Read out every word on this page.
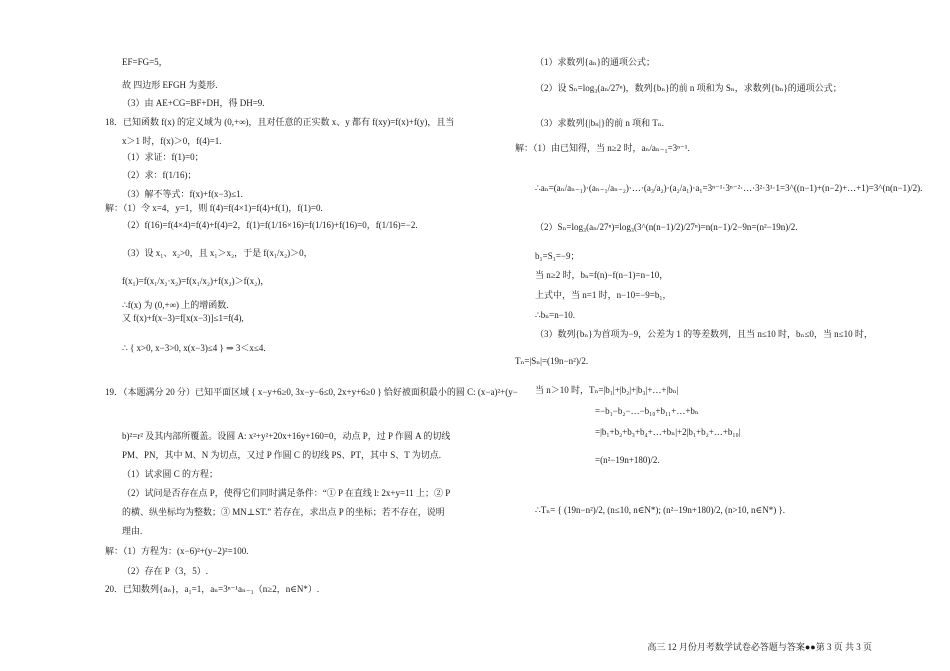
EF=FG=5，
故 四边形 EFGH 为菱形.
（3）由 AE+CG=BF+DH，得 DH=9.
18．已知函数 f(x) 的定义域为 (0,+∞)，且对任意的正实数 x、y 都有 f(xy)=f(x)+f(y)，且当
x＞1 时，f(x)＞0，f(4)=1.
（1）求证：f(1)=0；
（2）求：f(1/16)；
（3）解不等式：f(x)+f(x−3)≤1.
解：（1）令 x=4，y=1，则 f(4)=f(4×1)=f(4)+f(1)，f(1)=0.
（2）f(16)=f(4×4)=f(4)+f(4)=2，f(1)=f(1/16×16)=f(1/16)+f(16)=0，f(1/16)=−2.
（3）设 x₁、x₂>0，且 x₁＞x₂，于是 f(x₁/x₂)＞0，
f(x₁)=f(x₁/x₂·x₂)=f(x₁/x₂)+f(x₂)＞f(x₂)，
∴f(x) 为 (0,+∞) 上的增函数.
又 f(x)+f(x−3)=f[x(x−3)]≤1=f(4),
∴ { x>0, x−3>0, x(x−3)≤4 } ⇒ 3＜x≤4.
19．（本题满分 20 分）已知平面区域 { x−y+6≥0, 3x−y−6≤0, 2x+y+6≥0 } 恰好被面积最小的圆 C: (x−a)²+(y−
b)²=r² 及其内部所覆盖。设圆 A: x²+y²+20x+16y+160=0，动点 P，过 P 作圆 A 的切线
PM、PN，其中 M、N 为切点，又过 P 作圆 C 的切线 PS、PT，其中 S、T 为切点.
（1）试求圆 C 的方程；
（2）试问是否存在点 P，使得它们同时满足条件：“① P 在直线 l: 2x+y=11 上；② P
的横、纵坐标均为整数；③ MN⊥ST.” 若存在，求出点 P 的坐标；若不存在，说明
理由.
解：（1）方程为：(x−6)²+(y−2)²=100.
（2）存在 P（3，5）.
20．已知数列{aₙ}，a₁=1，aₙ=3ⁿ⁻¹aₙ₋₁（n≥2，n∈N*）.
（1）求数列{aₙ}的通项公式；
（2）设 Sₙ=log₃(aₙ/27ⁿ)，数列{bₙ}的前 n 项和为 Sₙ，求数列{bₙ}的通项公式；
（3）求数列{|bₙ|}的前 n 项和 Tₙ.
解：（1）由已知得，当 n≥2 时，aₙ/aₙ₋₁=3ⁿ⁻¹.
∴aₙ=(aₙ/aₙ₋₁)·(aₙ₋₁/aₙ₋₂)·…·(a₃/a₂)·(a₂/a₁)·a₁=3ⁿ⁻¹·3ⁿ⁻²·…·3²·3¹·1=3^((n−1)+(n−2)+…+1)=3^(n(n−1)/2).
（2）Sₙ=log₃(aₙ/27ⁿ)=log₃(3^(n(n−1)/2)/27ⁿ)=n(n−1)/2−9n=(n²−19n)/2.
b₁=S₁=−9；
当 n≥2 时，bₙ=f(n)−f(n−1)=n−10，
上式中，当 n=1 时，n−10=−9=b₁，
∴bₙ=n−10.
（3）数列{bₙ}为首项为−9，公差为 1 的等差数列，且当 n≤10 时，bₙ≤0，当 n≤10 时，
Tₙ=|Sₙ|=(19n−n²)/2.
当 n＞10 时，Tₙ=|b₁|+|b₂|+|b₃|+…+|bₙ|
=−b₁−b₂−…−b₁₀+b₁₁+…+bₙ
=|b₁+b₂+b₃+b₄+…+bₙ|+2|b₁+b₂+…+b₁₀|
=(n²−19n+180)/2.
∴Tₙ= { (19n−n²)/2, (n≤10, n∈N*); (n²−19n+180)/2, (n>10, n∈N*) }.
高三 12 月份月考数学试卷必答题与答案●●第 3 页 共 3 页
